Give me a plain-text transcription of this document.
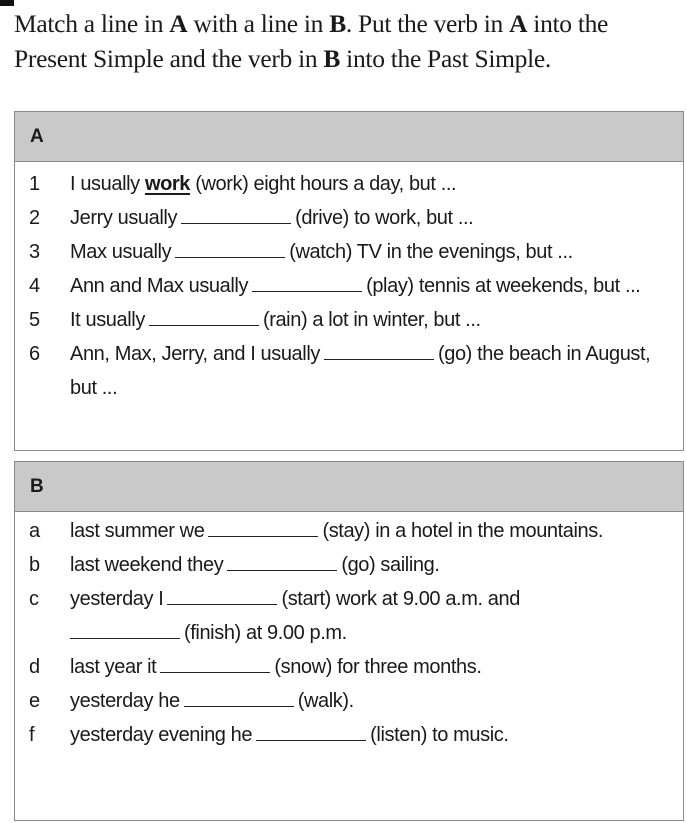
Match a line in A with a line in B. Put the verb in A into the Present Simple and the verb in B into the Past Simple.
A
1 I usually work (work) eight hours a day, but ...
2 Jerry usually	(drive) to work, but ...
3 Max usually	(watch) TV in the evenings, but ...
4 Ann and Max usually	(play) tennis at weekends, but ...
5 It usually	(rain) a lot in winter, but ...
6 Ann, Max, Jerry, and I usually	(go) the beach in August, but ...
B
a last summer we	(stay) in a hotel in the mountains.
b last weekend they	(go) sailing.
c yesterday I	(start) work at 9.00 a.m. and
(finish) at 9.00 p.m.
d last year it	(snow) for three months.
e yesterday he	(walk).
f yesterday evening he	(listen) to music.
